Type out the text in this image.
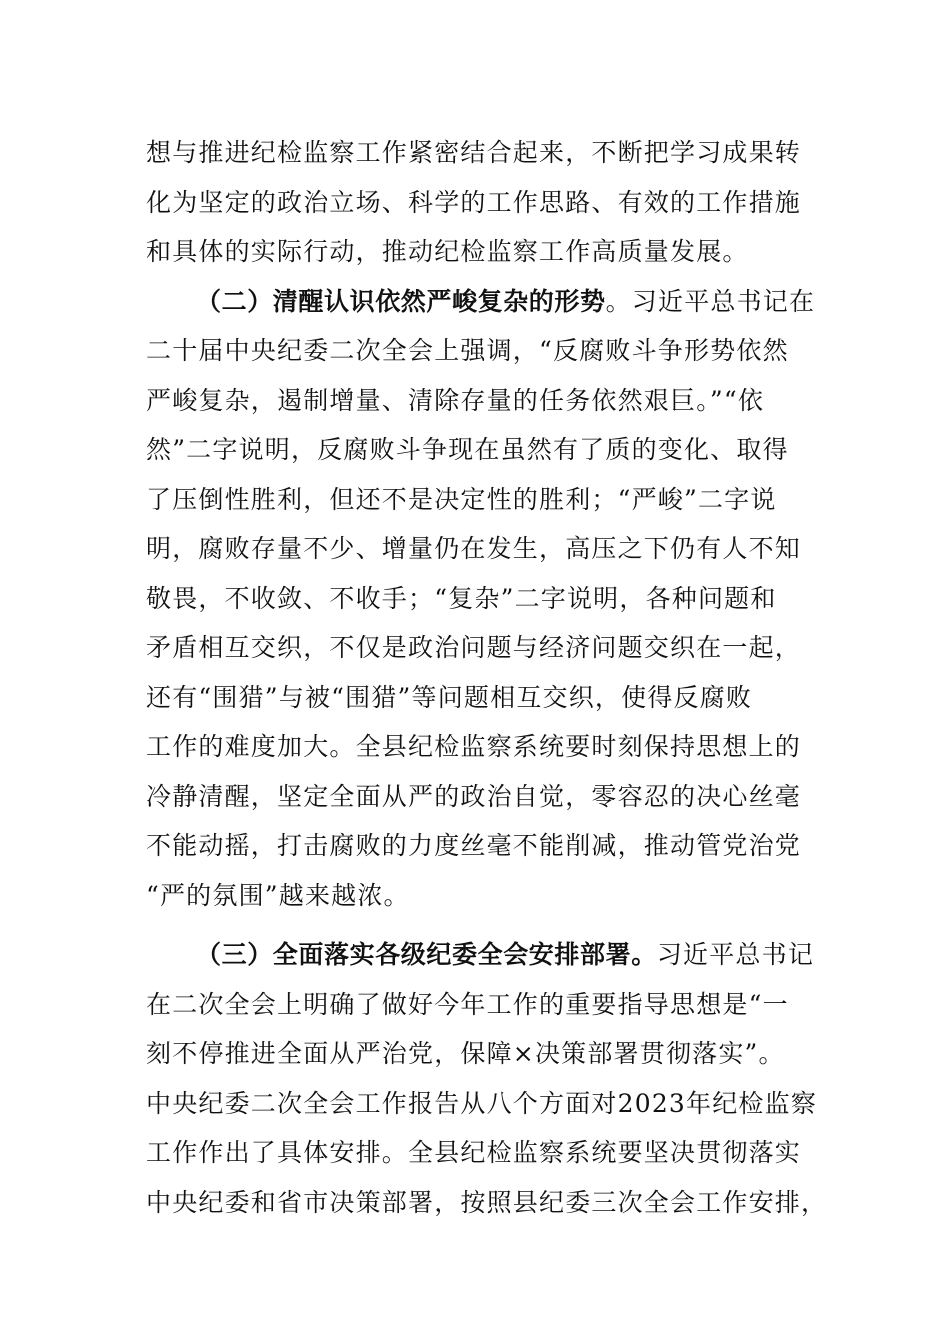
想与推进纪检监察工作紧密结合起来，不断把学习成果转
化为坚定的政治立场、科学的工作思路、有效的工作措施
和具体的实际行动，推动纪检监察工作高质量发展。
（二）清醒认识依然严峻复杂的形势。习近平总书记在
二十届中央纪委二次全会上强调，“反腐败斗争形势依然
严峻复杂，遏制增量、清除存量的任务依然艰巨。”“依
然”二字说明，反腐败斗争现在虽然有了质的变化、取得
了压倒性胜利，但还不是决定性的胜利；“严峻”二字说
明，腐败存量不少、增量仍在发生，高压之下仍有人不知
敬畏，不收敛、不收手；“复杂”二字说明，各种问题和
矛盾相互交织，不仅是政治问题与经济问题交织在一起，
还有“围猎”与被“围猎”等问题相互交织，使得反腐败
工作的难度加大。全县纪检监察系统要时刻保持思想上的
冷静清醒，坚定全面从严的政治自觉，零容忍的决心丝毫
不能动摇，打击腐败的力度丝毫不能削减，推动管党治党
“严的氛围”越来越浓。
（三）全面落实各级纪委全会安排部署。习近平总书记
在二次全会上明确了做好今年工作的重要指导思想是“一
刻不停推进全面从严治党，保障×决策部署贯彻落实”。
中央纪委二次全会工作报告从八个方面对2023年纪检监察
工作作出了具体安排。全县纪检监察系统要坚决贯彻落实
中央纪委和省市决策部署，按照县纪委三次全会工作安排，
